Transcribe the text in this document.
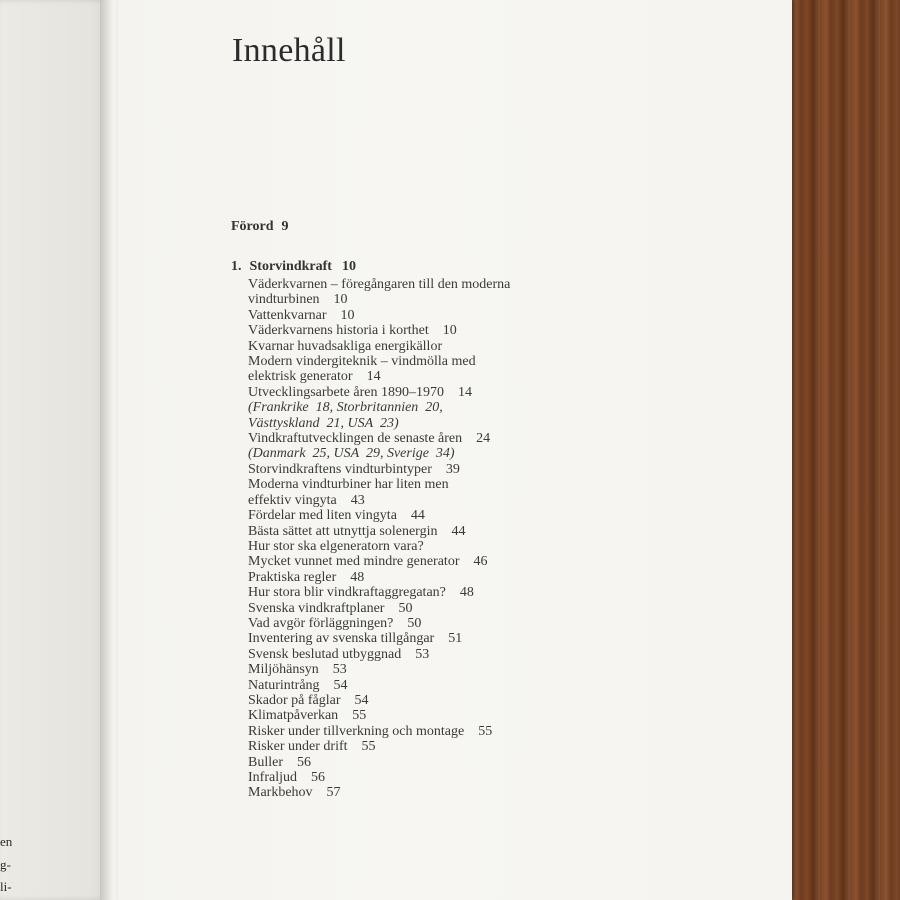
en
g-
li-
Innehåll
Förord 9
1. Storvindkraft 10
Väderkvarnen – föregångaren till den moderna
vindturbinen 10
Vattenkvarnar 10
Väderkvarnens historia i korthet 10
Kvarnar huvadsakliga energikällor
Modern vindergiteknik – vindmölla med
elektrisk generator 14
Utvecklingsarbete åren 1890–1970 14
(Frankrike  18, Storbritannien  20,
Västtyskland  21, USA  23)
Vindkraftutvecklingen de senaste åren 24
(Danmark  25, USA  29, Sverige  34)
Storvindkraftens vindturbintyper 39
Moderna vindturbiner har liten men
effektiv vingyta 43
Fördelar med liten vingyta 44
Bästa sättet att utnyttja solenergin 44
Hur stor ska elgeneratorn vara?
Mycket vunnet med mindre generator 46
Praktiska regler 48
Hur stora blir vindkraftaggregatan? 48
Svenska vindkraftplaner 50
Vad avgör förläggningen? 50
Inventering av svenska tillgångar 51
Svensk beslutad utbyggnad 53
Miljöhänsyn 53
Naturintrång 54
Skador på fåglar 54
Klimatpåverkan 55
Risker under tillverkning och montage 55
Risker under drift 55
Buller 56
Infraljud 56
Markbehov 57
